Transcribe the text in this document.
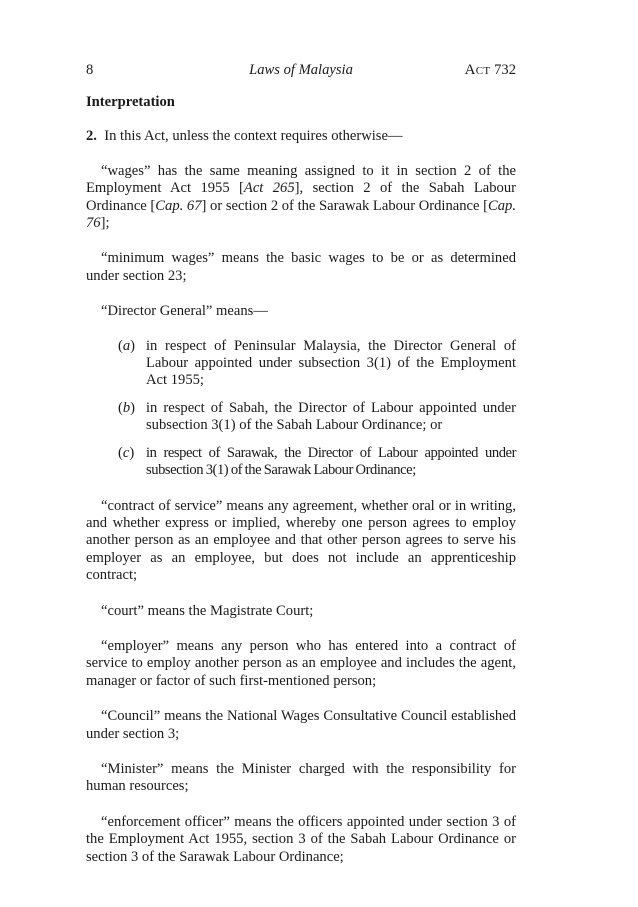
8	Laws of Malaysia	Act 732
Interpretation

2. In this Act, unless the context requires otherwise—

“wages” has the same meaning assigned to it in section 2 of the Employment Act 1955 [Act 265], section 2 of the Sabah Labour Ordinance [Cap. 67] or section 2 of the Sarawak Labour Ordinance [Cap. 76];

“minimum wages” means the basic wages to be or as determined under section 23;

“Director General” means—

(a) in respect of Peninsular Malaysia, the Director General of Labour appointed under subsection 3(1) of the Employment Act 1955;
(b) in respect of Sabah, the Director of Labour appointed under subsection 3(1) of the Sabah Labour Ordinance; or
(c) in respect of Sarawak, the Director of Labour appointed under subsection 3(1) of the Sarawak Labour Ordinance;

“contract of service” means any agreement, whether oral or in writing, and whether express or implied, whereby one person agrees to employ another person as an employee and that other person agrees to serve his employer as an employee, but does not include an apprenticeship contract;

“court” means the Magistrate Court;

“employer” means any person who has entered into a contract of service to employ another person as an employee and includes the agent, manager or factor of such first-mentioned person;

“Council” means the National Wages Consultative Council established under section 3;

“Minister” means the Minister charged with the responsibility for human resources;

“enforcement officer” means the officers appointed under section 3 of the Employment Act 1955, section 3 of the Sabah Labour Ordinance or section 3 of the Sarawak Labour Ordinance;
